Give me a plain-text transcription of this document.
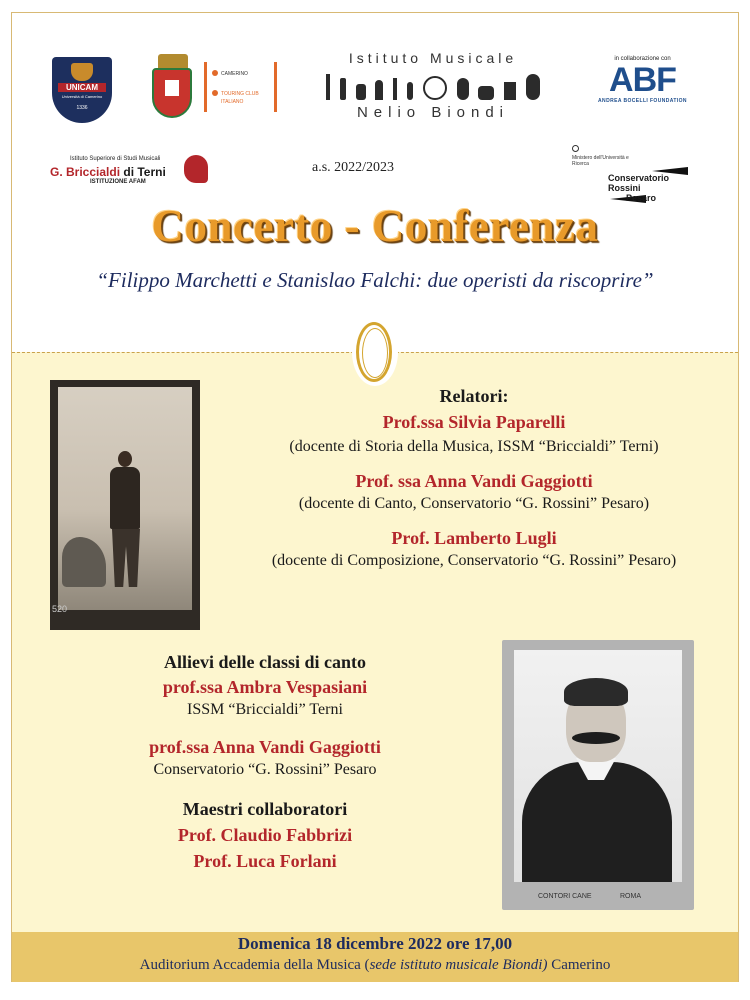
UNICAM
Università di Camerino
1336
CAMERINO
TOURING CLUB ITALIANO
Istituto Musicale
Nelio Biondi
in collaborazione con
ABF
ANDREA BOCELLI FOUNDATION
Istituto Superiore di Studi Musicali
G. Briccialdi di Terni
ISTITUZIONE AFAM
a.s. 2022/2023
Ministero dell'Università e Ricerca
Conservatorio
Rossini
Pesaro
Concerto - Conferenza
“Filippo Marchetti e Stanislao Falchi: due operisti da riscoprire”
520
Relatori:
Prof.ssa Silvia Paparelli
(docente di Storia della Musica, ISSM “Briccialdi” Terni)
Prof. ssa Anna Vandi Gaggiotti
(docente di Canto, Conservatorio “G. Rossini” Pesaro)
Prof. Lamberto Lugli
(docente di Composizione, Conservatorio “G. Rossini” Pesaro)
Allievi delle classi di canto
prof.ssa Ambra Vespasiani
ISSM “Briccialdi” Terni
prof.ssa Anna Vandi Gaggiotti
Conservatorio “G. Rossini” Pesaro
Maestri collaboratori
Prof. Claudio Fabbrizi
Prof. Luca Forlani
CONTORI CANE	ROMA
Domenica 18 dicembre 2022 ore 17,00
Auditorium Accademia della Musica (sede istituto musicale Biondi) Camerino
